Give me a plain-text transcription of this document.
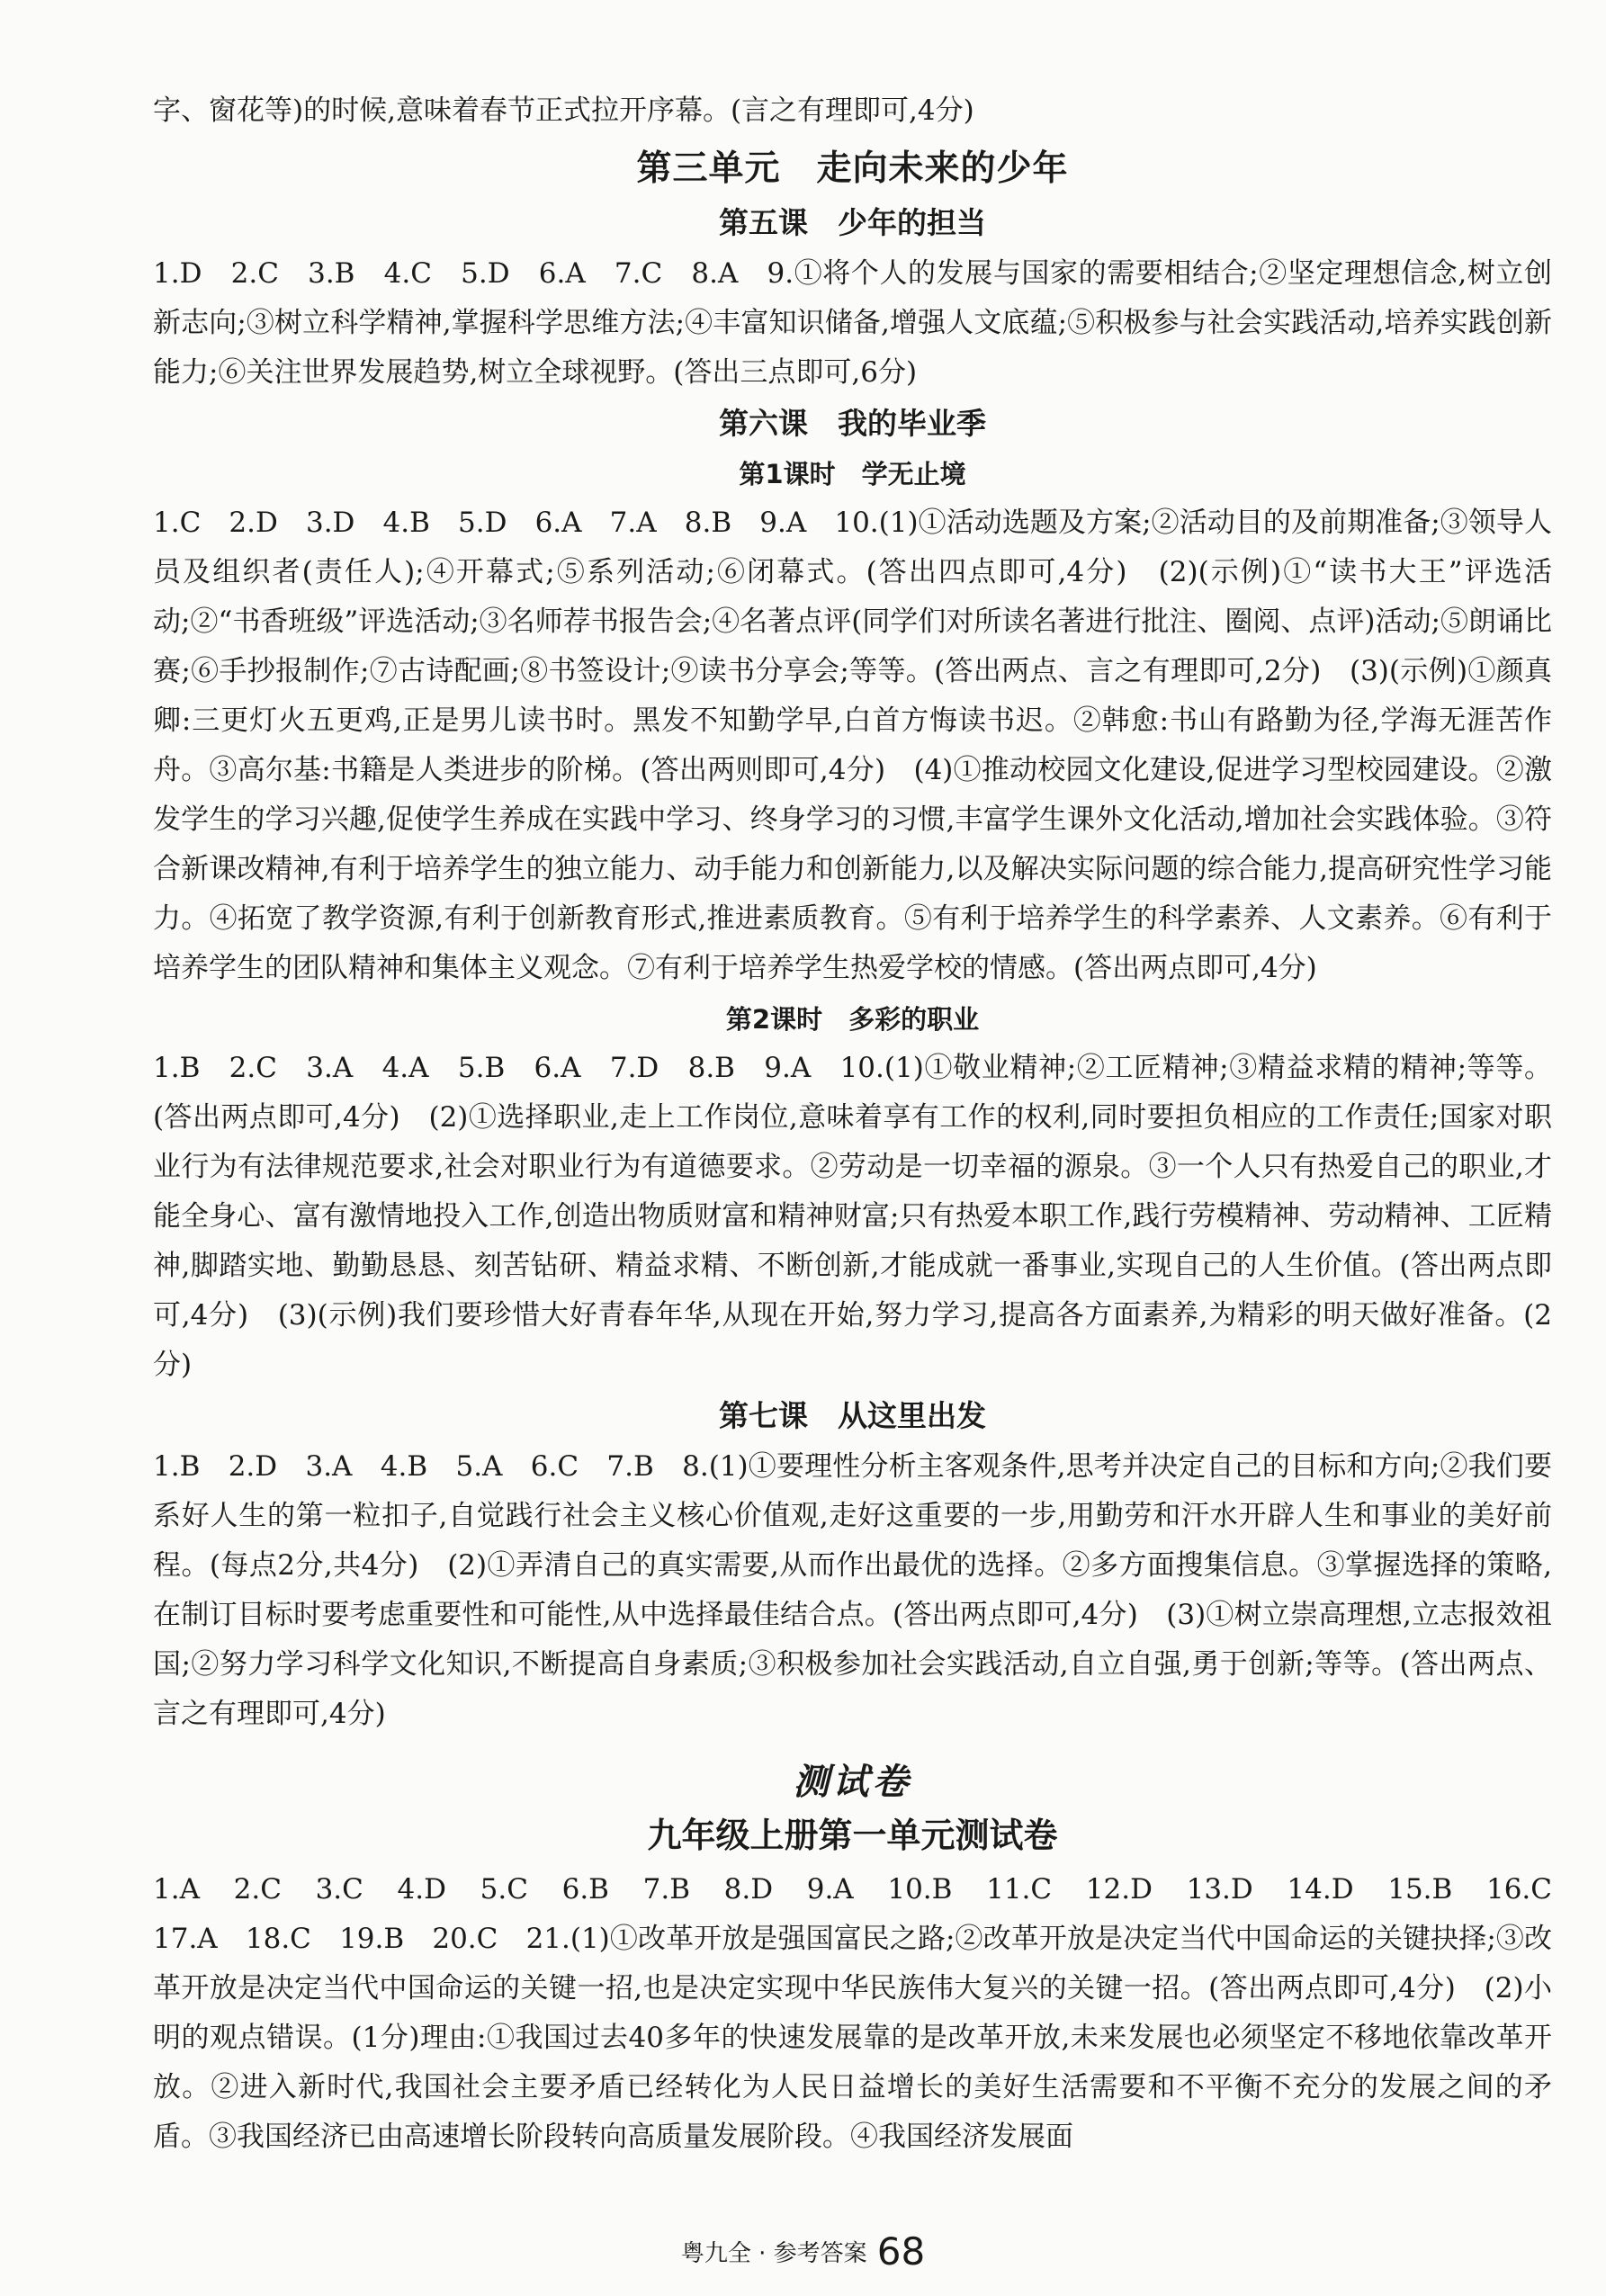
字、窗花等)的时候,意味着春节正式拉开序幕。(言之有理即可,4分)

第三单元　走向未来的少年
第五课　少年的担当

1.D　2.C　3.B　4.C　5.D　6.A　7.C　8.A　9.①将个人的发展与国家的需要相结合;②坚定理想信念,树立创新志向;③树立科学精神,掌握科学思维方法;④丰富知识储备,增强人文底蕴;⑤积极参与社会实践活动,培养实践创新能力;⑥关注世界发展趋势,树立全球视野。(答出三点即可,6分)

第六课　我的毕业季
第1课时　学无止境

1.C　2.D　3.D　4.B　5.D　6.A　7.A　8.B　9.A　10.(1)①活动选题及方案;②活动目的及前期准备;③领导人员及组织者(责任人);④开幕式;⑤系列活动;⑥闭幕式。(答出四点即可,4分)　(2)(示例)①“读书大王”评选活动;②“书香班级”评选活动;③名师荐书报告会;④名著点评(同学们对所读名著进行批注、圈阅、点评)活动;⑤朗诵比赛;⑥手抄报制作;⑦古诗配画;⑧书签设计;⑨读书分享会;等等。(答出两点、言之有理即可,2分)　(3)(示例)①颜真卿:三更灯火五更鸡,正是男儿读书时。黑发不知勤学早,白首方悔读书迟。②韩愈:书山有路勤为径,学海无涯苦作舟。③高尔基:书籍是人类进步的阶梯。(答出两则即可,4分)　(4)①推动校园文化建设,促进学习型校园建设。②激发学生的学习兴趣,促使学生养成在实践中学习、终身学习的习惯,丰富学生课外文化活动,增加社会实践体验。③符合新课改精神,有利于培养学生的独立能力、动手能力和创新能力,以及解决实际问题的综合能力,提高研究性学习能力。④拓宽了教学资源,有利于创新教育形式,推进素质教育。⑤有利于培养学生的科学素养、人文素养。⑥有利于培养学生的团队精神和集体主义观念。⑦有利于培养学生热爱学校的情感。(答出两点即可,4分)

第2课时　多彩的职业

1.B　2.C　3.A　4.A　5.B　6.A　7.D　8.B　9.A　10.(1)①敬业精神;②工匠精神;③精益求精的精神;等等。(答出两点即可,4分)　(2)①选择职业,走上工作岗位,意味着享有工作的权利,同时要担负相应的工作责任;国家对职业行为有法律规范要求,社会对职业行为有道德要求。②劳动是一切幸福的源泉。③一个人只有热爱自己的职业,才能全身心、富有激情地投入工作,创造出物质财富和精神财富;只有热爱本职工作,践行劳模精神、劳动精神、工匠精神,脚踏实地、勤勤恳恳、刻苦钻研、精益求精、不断创新,才能成就一番事业,实现自己的人生价值。(答出两点即可,4分)　(3)(示例)我们要珍惜大好青春年华,从现在开始,努力学习,提高各方面素养,为精彩的明天做好准备。(2分)

第七课　从这里出发

1.B　2.D　3.A　4.B　5.A　6.C　7.B　8.(1)①要理性分析主客观条件,思考并决定自己的目标和方向;②我们要系好人生的第一粒扣子,自觉践行社会主义核心价值观,走好这重要的一步,用勤劳和汗水开辟人生和事业的美好前程。(每点2分,共4分)　(2)①弄清自己的真实需要,从而作出最优的选择。②多方面搜集信息。③掌握选择的策略,在制订目标时要考虑重要性和可能性,从中选择最佳结合点。(答出两点即可,4分)　(3)①树立崇高理想,立志报效祖国;②努力学习科学文化知识,不断提高自身素质;③积极参加社会实践活动,自立自强,勇于创新;等等。(答出两点、言之有理即可,4分)

测试卷
九年级上册第一单元测试卷

1.A　2.C　3.C　4.D　5.C　6.B　7.B　8.D　9.A　10.B　11.C　12.D　13.D　14.D　15.B　16.C　17.A　18.C　19.B　20.C　21.(1)①改革开放是强国富民之路;②改革开放是决定当代中国命运的关键抉择;③改革开放是决定当代中国命运的关键一招,也是决定实现中华民族伟大复兴的关键一招。(答出两点即可,4分)　(2)小明的观点错误。(1分)理由:①我国过去40多年的快速发展靠的是改革开放,未来发展也必须坚定不移地依靠改革开放。②进入新时代,我国社会主要矛盾已经转化为人民日益增长的美好生活需要和不平衡不充分的发展之间的矛盾。③我国经济已由高速增长阶段转向高质量发展阶段。④我国经济发展面

粤九全 · 参考答案 68
